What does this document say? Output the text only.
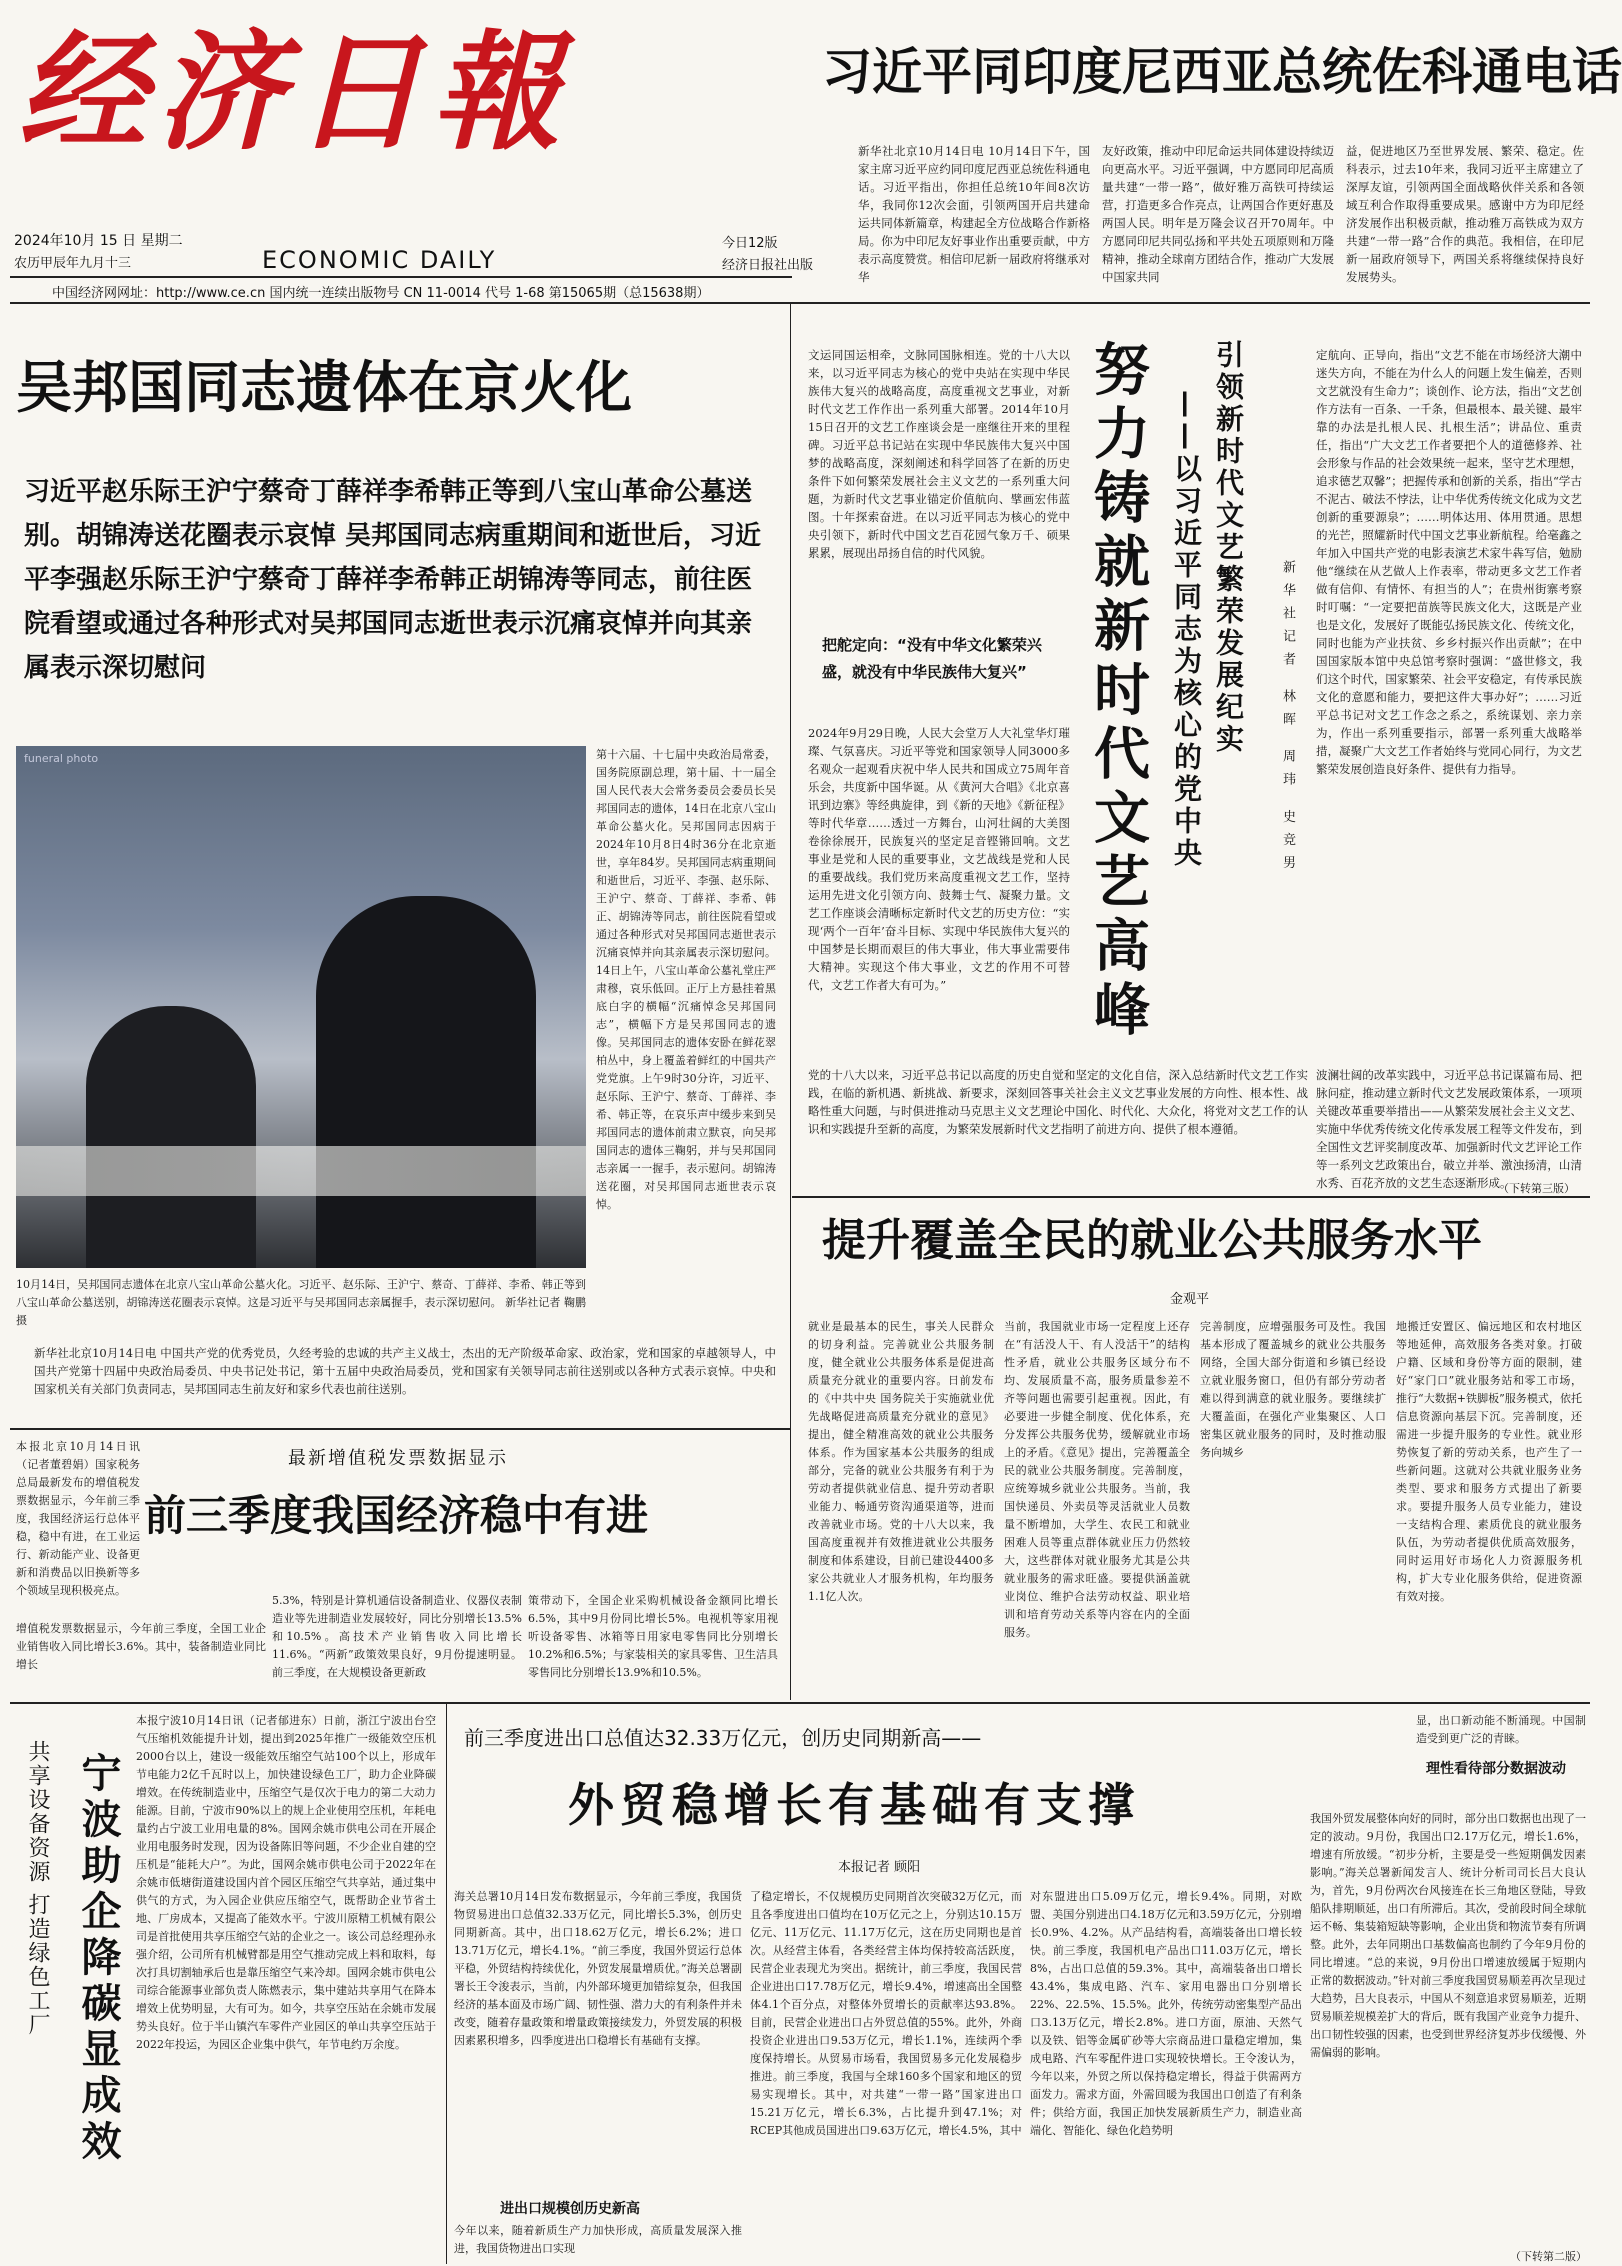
经济日報
2024年10月 15 日 星期二
农历甲辰年九月十三	ECONOMIC DAILY
今日12版
经济日报社出版
中国经济网网址：http://www.ce.cn 国内统一连续出版物号 CN 11-0014 代号 1-68 第15065期（总15638期）
习近平同印度尼西亚总统佐科通电话
新华社北京10月14日电 10月14日下午，国家主席习近平应约同印度尼西亚总统佐科通电话。习近平指出，你担任总统10年间8次访华，我同你12次会面，引领两国开启共建命运共同体新篇章，构建起全方位战略合作新格局。你为中印尼友好事业作出重要贡献，中方表示高度赞赏。相信印尼新一届政府将继承对华
友好政策，推动中印尼命运共同体建设持续迈向更高水平。习近平强调，中方愿同印尼高质量共建“一带一路”，做好雅万高铁可持续运营，打造更多合作亮点，让两国合作更好惠及两国人民。明年是万隆会议召开70周年。中方愿同印尼共同弘扬和平共处五项原则和万隆精神，推动全球南方团结合作，推动广大发展中国家共同
益，促进地区乃至世界发展、繁荣、稳定。佐科表示，过去10年来，我同习近平主席建立了深厚友谊，引领两国全面战略伙伴关系和各领域互利合作取得重要成果。感谢中方为印尼经济发展作出积极贡献，推动雅万高铁成为双方共建“一带一路”合作的典范。我相信，在印尼新一届政府领导下，两国关系将继续保持良好发展势头。
吴邦国同志遗体在京火化
习近平赵乐际王沪宁蔡奇丁薛祥李希韩正等到八宝山革命公墓送别。胡锦涛送花圈表示哀悼 吴邦国同志病重期间和逝世后，习近平李强赵乐际王沪宁蔡奇丁薛祥李希韩正胡锦涛等同志，前往医院看望或通过各种形式对吴邦国同志逝世表示沉痛哀悼并向其亲属表示深切慰问
funeral photo
10月14日，吴邦国同志遗体在北京八宝山革命公墓火化。习近平、赵乐际、王沪宁、蔡奇、丁薛祥、李希、韩正等到八宝山革命公墓送别，胡锦涛送花圈表示哀悼。这是习近平与吴邦国同志亲属握手，表示深切慰问。 新华社记者 鞠鹏 摄
第十六届、十七届中央政治局常委，国务院原副总理，第十届、十一届全国人民代表大会常务委员会委员长吴邦国同志的遗体，14日在北京八宝山革命公墓火化。吴邦国同志因病于2024年10月8日4时36分在北京逝世，享年84岁。吴邦国同志病重期间和逝世后，习近平、李强、赵乐际、王沪宁、蔡奇、丁薛祥、李希、韩正、胡锦涛等同志，前往医院看望或通过各种形式对吴邦国同志逝世表示沉痛哀悼并向其亲属表示深切慰问。14日上午，八宝山革命公墓礼堂庄严肃穆，哀乐低回。正厅上方悬挂着黑底白字的横幅“沉痛悼念吴邦国同志”，横幅下方是吴邦国同志的遗像。吴邦国同志的遗体安卧在鲜花翠柏丛中，身上覆盖着鲜红的中国共产党党旗。上午9时30分许，习近平、赵乐际、王沪宁、蔡奇、丁薛祥、李希、韩正等，在哀乐声中缓步来到吴邦国同志的遗体前肃立默哀，向吴邦国同志的遗体三鞠躬，并与吴邦国同志亲属一一握手，表示慰问。胡锦涛送花圈，对吴邦国同志逝世表示哀悼。
新华社北京10月14日电 中国共产党的优秀党员，久经考验的忠诚的共产主义战士，杰出的无产阶级革命家、政治家，党和国家的卓越领导人，中国共产党第十四届中央政治局委员、中央书记处书记，第十五届中央政治局委员，党和国家有关领导同志前往送别或以各种方式表示哀悼。中央和国家机关有关部门负责同志，吴邦国同志生前友好和家乡代表也前往送别。
文运同国运相牵，文脉同国脉相连。党的十八大以来，以习近平同志为核心的党中央站在实现中华民族伟大复兴的战略高度，高度重视文艺事业，对新时代文艺工作作出一系列重大部署。2014年10月15日召开的文艺工作座谈会是一座继往开来的里程碑。习近平总书记站在实现中华民族伟大复兴中国梦的战略高度，深刻阐述和科学回答了在新的历史条件下如何繁荣发展社会主义文艺的一系列重大问题，为新时代文艺事业锚定价值航向、擘画宏伟蓝图。十年探索奋进。在以习近平同志为核心的党中央引领下，新时代中国文艺百花园气象万千、硕果累累，展现出昂扬自信的时代风貌。
把舵定向：“没有中华文化繁荣兴盛，就没有中华民族伟大复兴”
2024年9月29日晚，人民大会堂万人大礼堂华灯璀璨、气氛喜庆。习近平等党和国家领导人同3000多名观众一起观看庆祝中华人民共和国成立75周年音乐会，共度新中国华诞。从《黄河大合唱》《北京喜讯到边寨》等经典旋律，到《新的天地》《新征程》等时代华章……透过一方舞台，山河壮阔的大美图卷徐徐展开，民族复兴的坚定足音铿锵回响。文艺事业是党和人民的重要事业，文艺战线是党和人民的重要战线。我们党历来高度重视文艺工作，坚持运用先进文化引领方向、鼓舞士气、凝聚力量。文艺工作座谈会清晰标定新时代文艺的历史方位：“实现‘两个一百年’奋斗目标、实现中华民族伟大复兴的中国梦是长期而艰巨的伟大事业，伟大事业需要伟大精神。实现这个伟大事业，文艺的作用不可替代，文艺工作者大有可为。”	努力铸就新时代文艺高峰 引领新时代文艺繁荣发展纪实
——以习近平同志为核心的党中央	新华社记者 林晖 周玮 史竞男
定航向、正导向，指出“文艺不能在市场经济大潮中迷失方向，不能在为什么人的问题上发生偏差，否则文艺就没有生命力”；谈创作、论方法，指出“文艺创作方法有一百条、一千条，但最根本、最关键、最牢靠的办法是扎根人民、扎根生活”；讲品位、重责任，指出“广大文艺工作者要把个人的道德修养、社会形象与作品的社会效果统一起来，坚守艺术理想，追求德艺双馨”；把握传承和创新的关系，指出“学古不泥古、破法不悖法，让中华优秀传统文化成为文艺创新的重要源泉”；……明体达用、体用贯通。思想的光芒，照耀新时代中国文艺事业新航程。给毫鑫之年加入中国共产党的电影表演艺术家牛犇写信，勉励他“继续在从艺做人上作表率，带动更多文艺工作者做有信仰、有情怀、有担当的人”；在贵州街寨考察时叮嘱：“一定要把苗族等民族文化大，这既是产业也是文化，发展好了既能弘扬民族文化、传统文化，同时也能为产业扶贫、乡乡村振兴作出贡献”；在中国国家版本馆中央总馆考察时强调：“盛世修文，我们这个时代，国家繁荣、社会平安稳定，有传承民族文化的意愿和能力，要把这件大事办好”；……习近平总书记对文艺工作念之系之，系统谋划、亲力亲为，作出一系列重要指示，部署一系列重大战略举措，凝聚广大文艺工作者始终与党同心同行，为文艺繁荣发展创造良好条件、提供有力指导。
党的十八大以来，习近平总书记以高度的历史自觉和坚定的文化自信，深入总结新时代文艺工作实践，在临的新机遇、新挑战、新要求，深刻回答事关社会主义文艺事业发展的方向性、根本性、战略性重大问题，与时俱进推动马克思主义文艺理论中国化、时代化、大众化，将党对文艺工作的认识和实践提升至新的高度，为繁荣发展新时代文艺指明了前进方向、提供了根本遵循。
波澜壮阔的改革实践中，习近平总书记谋篇布局、把脉问症，推动建立新时代文艺发展政策体系，一项项关键改革重要举措出——从繁荣发展社会主义文艺、实施中华优秀传统文化传承发展工程等文件发布，到全国性文艺评奖制度改革、加强新时代文艺评论工作等一系列文艺政策出台，破立并举、激浊扬清，山清水秀、百花齐放的文艺生态逐渐形成。
（下转第三版）
提升覆盖全民的就业公共服务水平
金观平
就业是最基本的民生，事关人民群众的切身利益。完善就业公共服务制度，健全就业公共服务体系是促进高质量充分就业的重要内容。日前发布的《中共中央 国务院关于实施就业优先战略促进高质量充分就业的意见》提出，健全精准高效的就业公共服务体系。作为国家基本公共服务的组成部分，完备的就业公共服务有利于为劳动者提供就业信息、提升劳动者职业能力、畅通劳资沟通渠道等，进而改善就业市场。党的十八大以来，我国高度重视并有效推进就业公共服务制度和体系建设，目前已建设4400多家公共就业人才服务机构，年均服务1.1亿人次。
当前，我国就业市场一定程度上还存在“有活没人干、有人没活干”的结构性矛盾，就业公共服务区域分布不均、发展质量不高，服务质量参差不齐等问题也需要引起重视。因此，有必要进一步健全制度、优化体系，充分发挥公共服务优势，缓解就业市场上的矛盾。《意见》提出，完善覆盖全民的就业公共服务制度。完善制度，应统筹城乡就业公共服务。当前，我国快递员、外卖员等灵活就业人员数量不断增加，大学生、农民工和就业困难人员等重点群体就业压力仍然较大，这些群体对就业服务尤其是公共就业服务的需求旺盛。要提供涵盖就业岗位、维护合法劳动权益、职业培训和培育劳动关系等内容在内的全面服务。
完善制度，应增强服务可及性。我国基本形成了覆盖城乡的就业公共服务网络，全国大部分街道和乡镇已经设立就业服务窗口，但仍有部分劳动者难以得到满意的就业服务。要继续扩大覆盖面，在强化产业集聚区、人口密集区就业服务的同时，及时推动服务向城乡
地搬迁安置区、偏远地区和农村地区等地延伸，高效服务各类对象。打破户籍、区域和身份等方面的限制，建好“家门口”就业服务站和零工市场，推行“大数据+铁脚板”服务模式，依托信息资源向基层下沉。完善制度，还需进一步提升服务的专业性。就业形势恢复了新的劳动关系，也产生了一些新问题。这就对公共就业服务业务类型、要求和服务方式提出了新要求。要提升服务人员专业能力，建设一支结构合理、素质优良的就业服务队伍，为劳动者提供优质高效服务，同时运用好市场化人力资源服务机构，扩大专业化服务供给，促进资源有效对接。
本报北京10月14日讯（记者董碧娟）国家税务总局最新发布的增值税发票数据显示，今年前三季度，我国经济运行总体平稳，稳中有进，在工业运行、新动能产业、设备更新和消费品以旧换新等多个领域呈现积极亮点。
最新增值税发票数据显示
前三季度我国经济稳中有进
增值税发票数据显示，今年前三季度，全国工业企业销售收入同比增长3.6%。其中，装备制造业同比增长
5.3%，特别是计算机通信设备制造业、仪器仪表制造业等先进制造业发展较好，同比分别增长13.5%和10.5%。高技术产业销售收入同比增长11.6%。“两新”政策效果良好，9月份提速明显。前三季度，在大规模设备更新政
策带动下，全国企业采购机械设备金额同比增长6.5%，其中9月份同比增长5%。电视机等家用视听设备零售、冰箱等日用家电零售同比分别增长10.2%和6.5%；与家装相关的家具零售、卫生洁具零售同比分别增长13.9%和10.5%。
共享设备资源 打造绿色工厂 宁波助企降碳显成效
本报宁波10月14日讯（记者郁进东）日前，浙江宁波出台空气压缩机效能提升计划，提出到2025年推广一级能效空压机2000台以上，建设一级能效压缩空气站100个以上，形成年节电能力2亿千瓦时以上，加快建设绿色工厂，助力企业降碳增效。在传统制造业中，压缩空气是仅次于电力的第二大动力能源。目前，宁波市90%以上的规上企业使用空压机，年耗电量约占宁波工业用电量的8%。国网余姚市供电公司在开展企业用电服务时发现，因为设备陈旧等问题，不少企业自建的空压机是“能耗大户”。为此，国网余姚市供电公司于2022年在余姚市低塘街道建设国内首个园区压缩空气共享站，通过集中供气的方式，为入园企业供应压缩空气，既帮助企业节省土地、厂房成本，又提高了能效水平。宁波川原精工机械有限公司是首批使用共享压缩空气站的企业之一。该公司总经理孙永强介绍，公司所有机械臂都是用空气推动完成上料和取料，每次打具切割轴承后也是靠压缩空气来冷却。国网余姚市供电公司综合能源事业部负责人陈燃表示，集中建站共享用气在降本增效上优势明显，大有可为。如今，共享空压站在余姚市发展势头良好。位于半山镇汽车零件产业园区的单山共享空压站于2022年投运，为园区企业集中供气，年节电约万余度。
前三季度进出口总值达32.33万亿元，创历史同期新高——
外贸稳增长有基础有支撑
本报记者 顾阳
海关总署10月14日发布数据显示，今年前三季度，我国货物贸易进出口总值32.33万亿元，同比增长5.3%，创历史同期新高。其中，出口18.62万亿元，增长6.2%；进口13.71万亿元，增长4.1%。“前三季度，我国外贸运行总体平稳，外贸结构持续优化，外贸发展量增质优。”海关总署副署长王令浚表示，当前，内外部环境更加错综复杂，但我国经济的基本面及市场广阔、韧性强、潜力大的有利条件并未改变，随着存量政策和增量政策接续发力，外贸发展的积极因素累积增多，四季度进出口稳增长有基础有支撑。
进出口规模创历史新高
今年以来，随着新质生产力加快形成，高质量发展深入推进，我国货物进出口实现
了稳定增长，不仅规模历史同期首次突破32万亿元，而且各季度进出口值均在10万亿元之上，分别达10.15万亿元、11万亿元、11.17万亿元，这在历史同期也是首次。从经营主体看，各类经营主体均保持较高活跃度，民营企业表现尤为突出。据统计，前三季度，我国民营企业进出口17.78万亿元，增长9.4%，增速高出全国整体4.1个百分点，对整体外贸增长的贡献率达93.8%。目前，民营企业进出口占外贸总值的55%。此外，外商投资企业进出口9.53万亿元，增长1.1%，连续两个季度保持增长。从贸易市场看，我国贸易多元化发展稳步推进。前三季度，我国与全球160多个国家和地区的贸易实现增长。其中，对共建“一带一路”国家进出口15.21万亿元，增长6.3%，占比提升到47.1%；对RCEP其他成员国进出口9.63万亿元，增长4.5%，其中
对东盟进出口5.09万亿元，增长9.4%。同期，对欧盟、美国分别进出口4.18万亿元和3.59万亿元，分别增长0.9%、4.2%。从产品结构看，高端装备出口增长较快。前三季度，我国机电产品出口11.03万亿元，增长8%，占出口总值的59.3%。其中，高端装备出口增长43.4%，集成电路、汽车、家用电器出口分别增长22%、22.5%、15.5%。此外，传统劳动密集型产品出口3.13万亿元，增长2.8%。进口方面，原油、天然气以及铁、铝等金属矿砂等大宗商品进口量稳定增加，集成电路、汽车零配件进口实现较快增长。王令浚认为，今年以来，外贸之所以保持稳定增长，得益于供需两方面发力。需求方面，外需回暖为我国出口创造了有利条件；供给方面，我国正加快发展新质生产力，制造业高端化、智能化、绿色化趋势明
显，出口新动能不断涌现。中国制造受到更广泛的青睐。
理性看待部分数据波动
我国外贸发展整体向好的同时，部分出口数据也出现了一定的波动。9月份，我国出口2.17万亿元，增长1.6%，增速有所放缓。“初步分析，主要是受一些短期偶发因素影响。”海关总署新闻发言人、统计分析司司长吕大良认为，首先，9月份两次台风接连在长三角地区登陆，导致船队排期顺延，出口有所滞后。其次，受前段时间全球航运不畅、集装箱短缺等影响，企业出货和物流节奏有所调整。此外，去年同期出口基数偏高也制约了今年9月份的同比增速。“总的来说，9月份出口增速放缓属于短期内正常的数据波动。”针对前三季度我国贸易顺差再次呈现过大趋势，吕大良表示，中国从不刻意追求贸易顺差，近期贸易顺差规模差扩大的背后，既有我国产业竞争力提升、出口韧性较强的因素，也受到世界经济复苏步伐缓慢、外需偏弱的影响。
（下转第二版）
